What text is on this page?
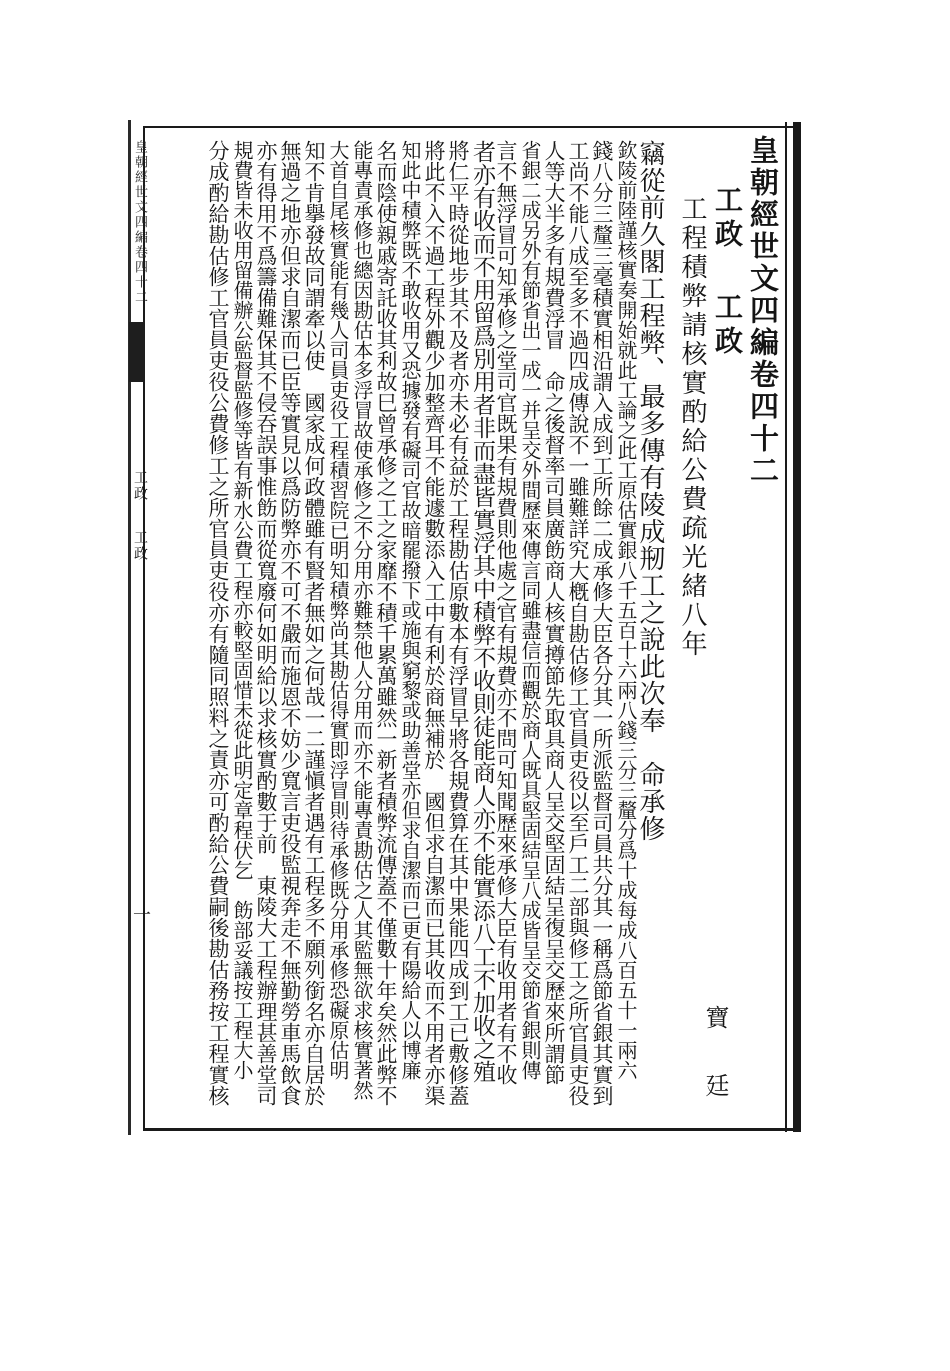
皇朝經世文四編卷四十二	皇朝經世文四編卷四十二
工政 工政
工程積弊請核實酌給公費疏光緒八年
寶 廷
竊從前久閣工程弊、最多傳有陵成剏工之說此次奉　命承修
欽陵前陸謹核實奏開始就此工論之此工原估實銀八千五百十六兩八錢三分三釐分爲十成每成八百五十一兩六
錢八分三釐三毫積實相沿謂入成到工所餘二成承修大臣各分其一所派監督司員共分其一稱爲節省銀其實到
工尚不能八成至多不過四成傳說不一雖難詳究大槪自勘估修工官員吏役以至戶工二部與修工之所官員吏役
人等大半多有規費浮冒　命之後督率司員廣飭商人核實撙節先取具商人呈交堅固結呈復呈交歷來所謂節
省銀二成另外有節省出一成一并呈交外間歷來傳言同雖盡信而觀於商人既具堅固結呈八成皆呈交節省銀則傳
言不無浮冒可知承修之堂司官既果有規費則他處之官有規費亦不問可知聞歷來承修大臣有收用者有不收
者亦有收而不用留爲別用者非而盡皆實浮其中積弊不收則徒能商人亦不能實添八工不加收之殖
將仁平時從地步其不及者亦未必有益於工程勘估原數本有浮冒早將各規費算在其中果能四成到工已敷修蓋
將此不入不過工程外觀少加整齊耳不能遽數添入工中有利於商無補於　國但求自潔而已其收而不用者亦渠
知此中積弊既不敢收用又恐據發有礙司官故暗罷撥下或施與窮黎或助善堂亦但求自潔而已更有陽給人以博廉
名而陰使親戚寄託收其利故巳曾承修之工之家靡不積千累萬雖然一新者積弊流傳蓋不僅數十年矣然此弊不
能專責承修也總因勘估本多浮冒故使承修之不分用亦難禁他人分用而亦不能專責勘估之人其監無欲求核實著然
大首自尾核實能有幾人司員吏役工程積習院已明知積弊尚其勘估得實即浮冒則待承修既分用承修恐礙原估明
知不肯擧發故同謂牽以使　國家成何政體雖有賢者無如之何哉一二謹愼者遇有工程多不願列銜名亦自居於
無過之地亦但求自潔而已臣等實見以爲防弊亦不可不嚴而施恩不妨少寬言吏役監視奔走不無勤勞車馬飲食
亦有得用不爲籌備難保其不侵吞誤事惟飭而從寬廢何如明給以求核實酌數于前　東陵大工程辦理甚善堂司
規費皆未收用留備辦公監督監修等皆有新水公費工程亦較堅固惜未從此明定章程伏乞　飭部妥議按工程大小
分成酌給勘估修工官員吏役公費修工之所官員吏役亦有隨同照料之責亦可酌給公費嗣後勘估務按工程實核
工政
工政
一
